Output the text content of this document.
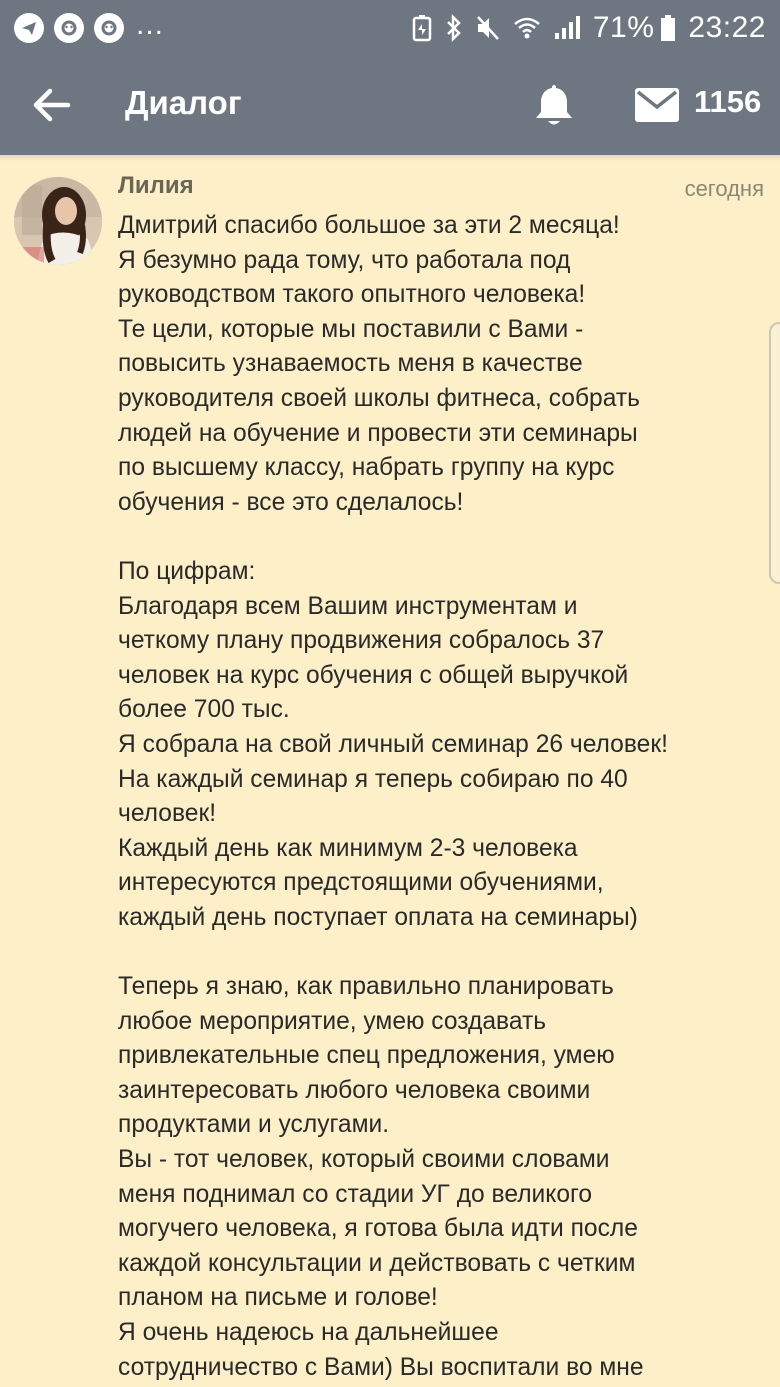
...	71% 23:22
Диалог	1156
Лилия	сегодня
Дмитрий спасибо большое за эти 2 месяца!
Я безумно рада тому, что работала под
руководством такого опытного человека!
Те цели, которые мы поставили с Вами -
повысить узнаваемость меня в качестве
руководителя своей школы фитнеса, собрать
людей на обучение и провести эти семинары
по высшему классу, набрать группу на курс
обучения - все это сделалось!
По цифрам:
Благодаря всем Вашим инструментам и
четкому плану продвижения собралось 37
человек на курс обучения с общей выручкой
более 700 тыс.
Я собрала на свой личный семинар 26 человек!
На каждый семинар я теперь собираю по 40
человек!
Каждый день как минимум 2-3 человека
интересуются предстоящими обучениями,
каждый день поступает оплата на семинары)
Теперь я знаю, как правильно планировать
любое мероприятие, умею создавать
привлекательные спец предложения, умею
заинтересовать любого человека своими
продуктами и услугами.
Вы - тот человек, который своими словами
меня поднимал со стадии УГ до великого
могучего человека, я готова была идти после
каждой консультации и действовать с четким
планом на письме и голове!
Я очень надеюсь на дальнейшее
сотрудничество с Вами) Вы воспитали во мне
